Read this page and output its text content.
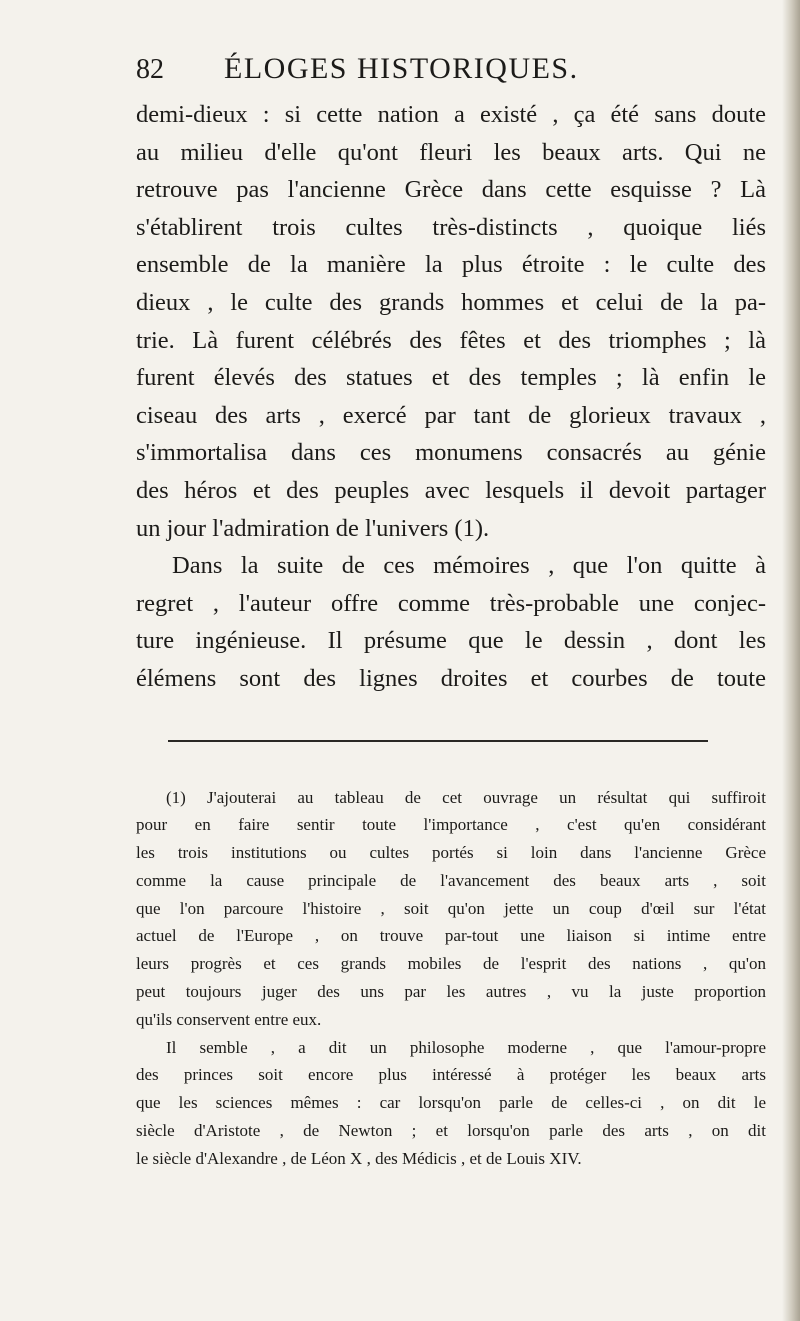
82	ÉLOGES HISTORIQUES.
demi-dieux : si cette nation a existé , ça été sans doute
au milieu d'elle qu'ont fleuri les beaux arts. Qui ne
retrouve pas l'ancienne Grèce dans cette esquisse ? Là
s'établirent trois cultes très-distincts , quoique liés
ensemble de la manière la plus étroite : le culte des
dieux , le culte des grands hommes et celui de la pa-
trie. Là furent célébrés des fêtes et des triomphes ; là
furent élevés des statues et des temples ; là enfin le
ciseau des arts , exercé par tant de glorieux travaux ,
s'immortalisa dans ces monumens consacrés au génie
des héros et des peuples avec lesquels il devoit partager
un jour l'admiration de l'univers (1).
Dans la suite de ces mémoires , que l'on quitte à
regret , l'auteur offre comme très-probable une conjec-
ture ingénieuse. Il présume que le dessin , dont les
élémens sont des lignes droites et courbes de toute
(1) J'ajouterai au tableau de cet ouvrage un résultat qui suffiroit
pour en faire sentir toute l'importance , c'est qu'en considérant
les trois institutions ou cultes portés si loin dans l'ancienne Grèce
comme la cause principale de l'avancement des beaux arts , soit
que l'on parcoure l'histoire , soit qu'on jette un coup d'œil sur l'état
actuel de l'Europe , on trouve par-tout une liaison si intime entre
leurs progrès et ces grands mobiles de l'esprit des nations , qu'on
peut toujours juger des uns par les autres , vu la juste proportion
qu'ils conservent entre eux.
Il semble , a dit un philosophe moderne , que l'amour-propre
des princes soit encore plus intéressé à protéger les beaux arts
que les sciences mêmes : car lorsqu'on parle de celles-ci , on dit le
siècle d'Aristote , de Newton ; et lorsqu'on parle des arts , on dit
le siècle d'Alexandre , de Léon X , des Médicis , et de Louis XIV.
